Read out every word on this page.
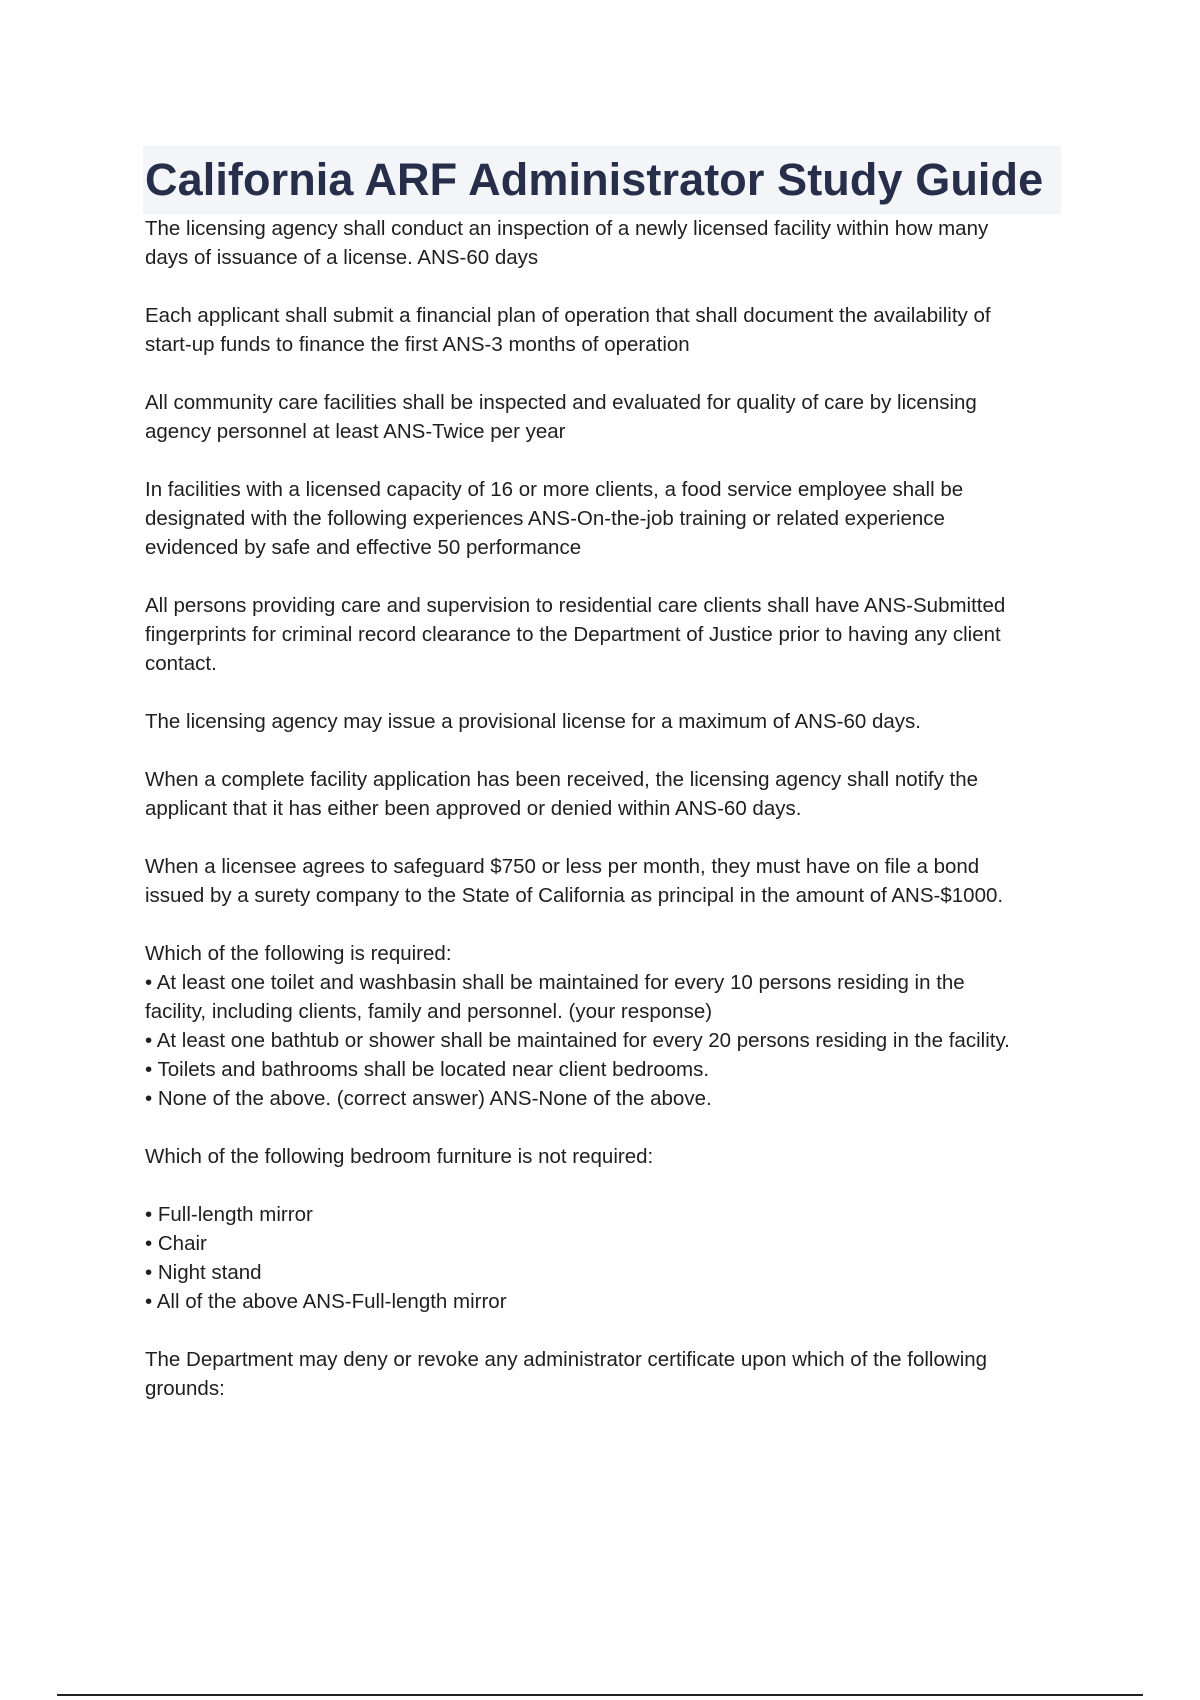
California ARF Administrator Study Guide

The licensing agency shall conduct an inspection of a newly licensed facility within how many
days of issuance of a license. ANS-60 days

Each applicant shall submit a financial plan of operation that shall document the availability of
start-up funds to finance the first ANS-3 months of operation

All community care facilities shall be inspected and evaluated for quality of care by licensing
agency personnel at least ANS-Twice per year

In facilities with a licensed capacity of 16 or more clients, a food service employee shall be
designated with the following experiences ANS-On-the-job training or related experience
evidenced by safe and effective 50 performance

All persons providing care and supervision to residential care clients shall have ANS-Submitted
fingerprints for criminal record clearance to the Department of Justice prior to having any client
contact.

The licensing agency may issue a provisional license for a maximum of ANS-60 days.

When a complete facility application has been received, the licensing agency shall notify the
applicant that it has either been approved or denied within ANS-60 days.

When a licensee agrees to safeguard $750 or less per month, they must have on file a bond
issued by a surety company to the State of California as principal in the amount of ANS-$1000.

Which of the following is required:
• At least one toilet and washbasin shall be maintained for every 10 persons residing in the
facility, including clients, family and personnel. (your response)
• At least one bathtub or shower shall be maintained for every 20 persons residing in the facility.
• Toilets and bathrooms shall be located near client bedrooms.
• None of the above. (correct answer) ANS-None of the above.

Which of the following bedroom furniture is not required:

• Full-length mirror
• Chair
• Night stand
• All of the above ANS-Full-length mirror

The Department may deny or revoke any administrator certificate upon which of the following
grounds:
